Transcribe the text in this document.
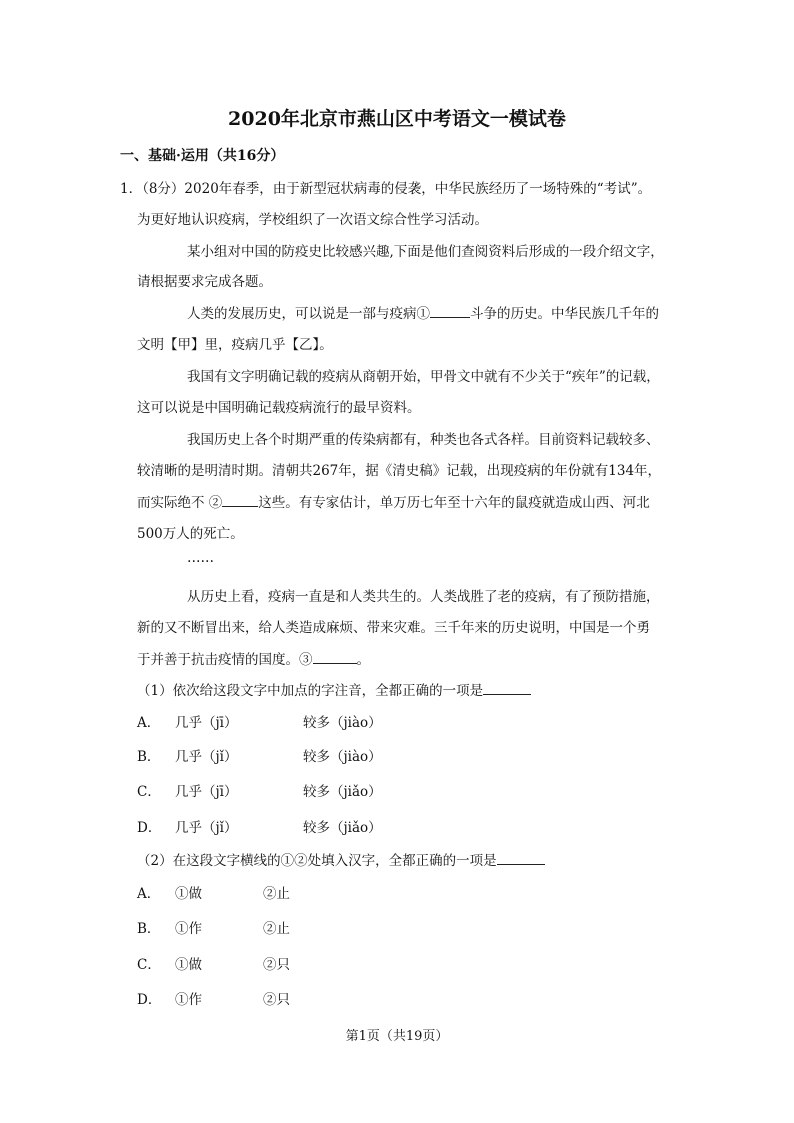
2020年北京市燕山区中考语文一模试卷
一、基础·运用（共16分）
1．（8分）2020年春季，由于新型冠状病毒的侵袭，中华民族经历了一场特殊的“考试”。
为更好地认识疫病，学校组织了一次语文综合性学习活动。
某小组对中国的防疫史比较感兴趣,下面是他们查阅资料后形成的一段介绍文字，
请根据要求完成各题。
人类的发展历史，可以说是一部与疫病①	斗争的历史。中华民族几千年的
文明【甲】里，疫病几乎【乙】。
我国有文字明确记载的疫病从商朝开始，甲骨文中就有不少关于“疾年”的记载，
这可以说是中国明确记载疫病流行的最早资料。
我国历史上各个时期严重的传染病都有，种类也各式各样。目前资料记载较多、
较清晰的是明清时期。清朝共267年，据《清史稿》记载，出现疫病的年份就有134年，
而实际绝不 ②	这些。有专家估计，单万历七年至十六年的鼠疫就造成山西、河北
500万人的死亡。
……
从历史上看，疫病一直是和人类共生的。人类战胜了老的疫病，有了预防措施，
新的又不断冒出来，给人类造成麻烦、带来灾难。三千年来的历史说明，中国是一个勇
于并善于抗击疫情的国度。③	。
（1）依次给这段文字中加点的字注音，全都正确的一项是
A． 几乎（jī）	较多（jiào）
B． 几乎（jǐ）	较多（jiào）
C． 几乎（jī）	较多（jiǎo）
D． 几乎（jǐ）	较多（jiǎo）
（2）在这段文字横线的①②处填入汉字，全都正确的一项是
A． ①做	②止
B． ①作	②止
C． ①做	②只
D． ①作	②只
第1页（共19页）
